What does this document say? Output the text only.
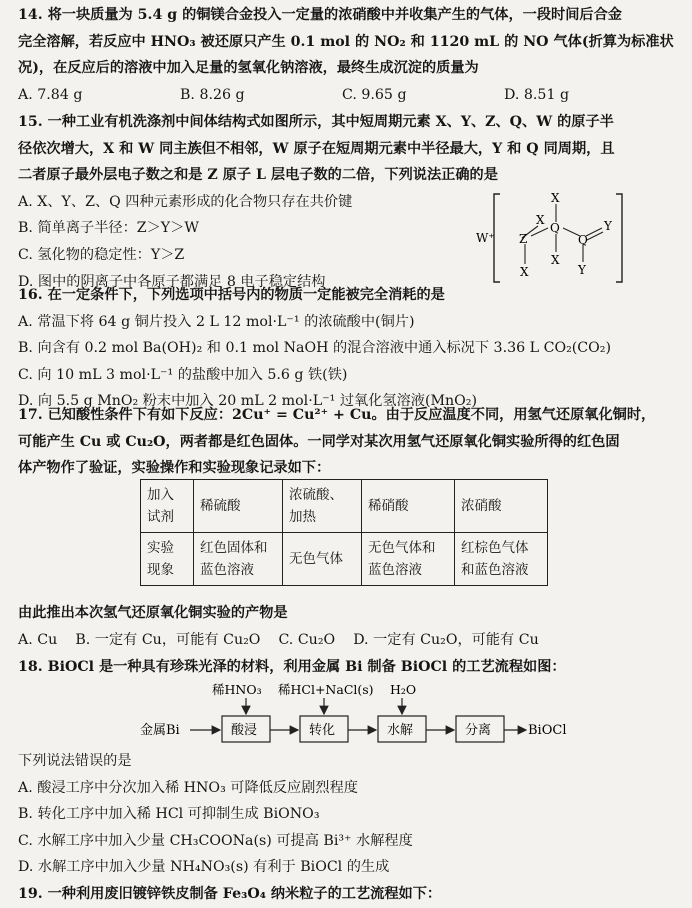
14. 将一块质量为 5.4 g 的铜镁合金投入一定量的浓硝酸中并收集产生的气体，一段时间后合金
完全溶解，若反应中 HNO₃ 被还原只产生 0.1 mol 的 NO₂ 和 1120 mL 的 NO 气体(折算为标准状
况)，在反应后的溶液中加入足量的氢氧化钠溶液，最终生成沉淀的质量为
A. 7.84 g	B. 8.26 g	C. 9.65 g	D. 8.51 g
15. 一种工业有机洗涤剂中间体结构式如图所示，其中短周期元素 X、Y、Z、Q、W 的原子半
径依次增大，X 和 W 同主族但不相邻，W 原子在短周期元素中半径最大，Y 和 Q 同周期，且
二者原子最外层电子数之和是 Z 原子 L 层电子数的二倍，下列说法正确的是
A. X、Y、Z、Q 四种元素形成的化合物只存在共价键
B. 简单离子半径：Z＞Y＞W
C. 氢化物的稳定性：Y＞Z
D. 图中的阴离子中各原子都满足 8 电子稳定结构
W⁺ Z
Q
Q
Y
X
X
X
X	Y
16. 在一定条件下，下列选项中括号内的物质一定能被完全消耗的是
A. 常温下将 64 g 铜片投入 2 L 12 mol·L⁻¹ 的浓硫酸中(铜片)
B. 向含有 0.2 mol Ba(OH)₂ 和 0.1 mol NaOH 的混合溶液中通入标况下 3.36 L CO₂(CO₂)
C. 向 10 mL 3 mol·L⁻¹ 的盐酸中加入 5.6 g 铁(铁)
D. 向 5.5 g MnO₂ 粉末中加入 20 mL 2 mol·L⁻¹ 过氧化氢溶液(MnO₂)
17. 已知酸性条件下有如下反应：2Cu⁺ = Cu²⁺ + Cu。由于反应温度不同，用氢气还原氧化铜时，
可能产生 Cu 或 Cu₂O，两者都是红色固体。一同学对某次用氢气还原氧化铜实验所得的红色固
体产物作了验证，实验操作和实验现象记录如下：
加入试剂	稀硫酸	浓硫酸、加热	稀硝酸	浓硝酸
实验现象	红色固体和蓝色溶液	无色气体	无色气体和蓝色溶液	红棕色气体和蓝色溶液
由此推出本次氢气还原氧化铜实验的产物是
A. Cu B. 一定有 Cu，可能有 Cu₂O C. Cu₂O D. 一定有 Cu₂O，可能有 Cu
18. BiOCl 是一种具有珍珠光泽的材料，利用金属 Bi 制备 BiOCl 的工艺流程如图：
金属Bi	酸浸	转化	水解	分离	BiOCl
稀HNO₃ 稀HCl+NaCl(s) H₂O
下列说法错误的是
A. 酸浸工序中分次加入稀 HNO₃ 可降低反应剧烈程度
B. 转化工序中加入稀 HCl 可抑制生成 BiONO₃
C. 水解工序中加入少量 CH₃COONa(s) 可提高 Bi³⁺ 水解程度
D. 水解工序中加入少量 NH₄NO₃(s) 有利于 BiOCl 的生成
19. 一种利用废旧镀锌铁皮制备 Fe₃O₄ 纳米粒子的工艺流程如下：
